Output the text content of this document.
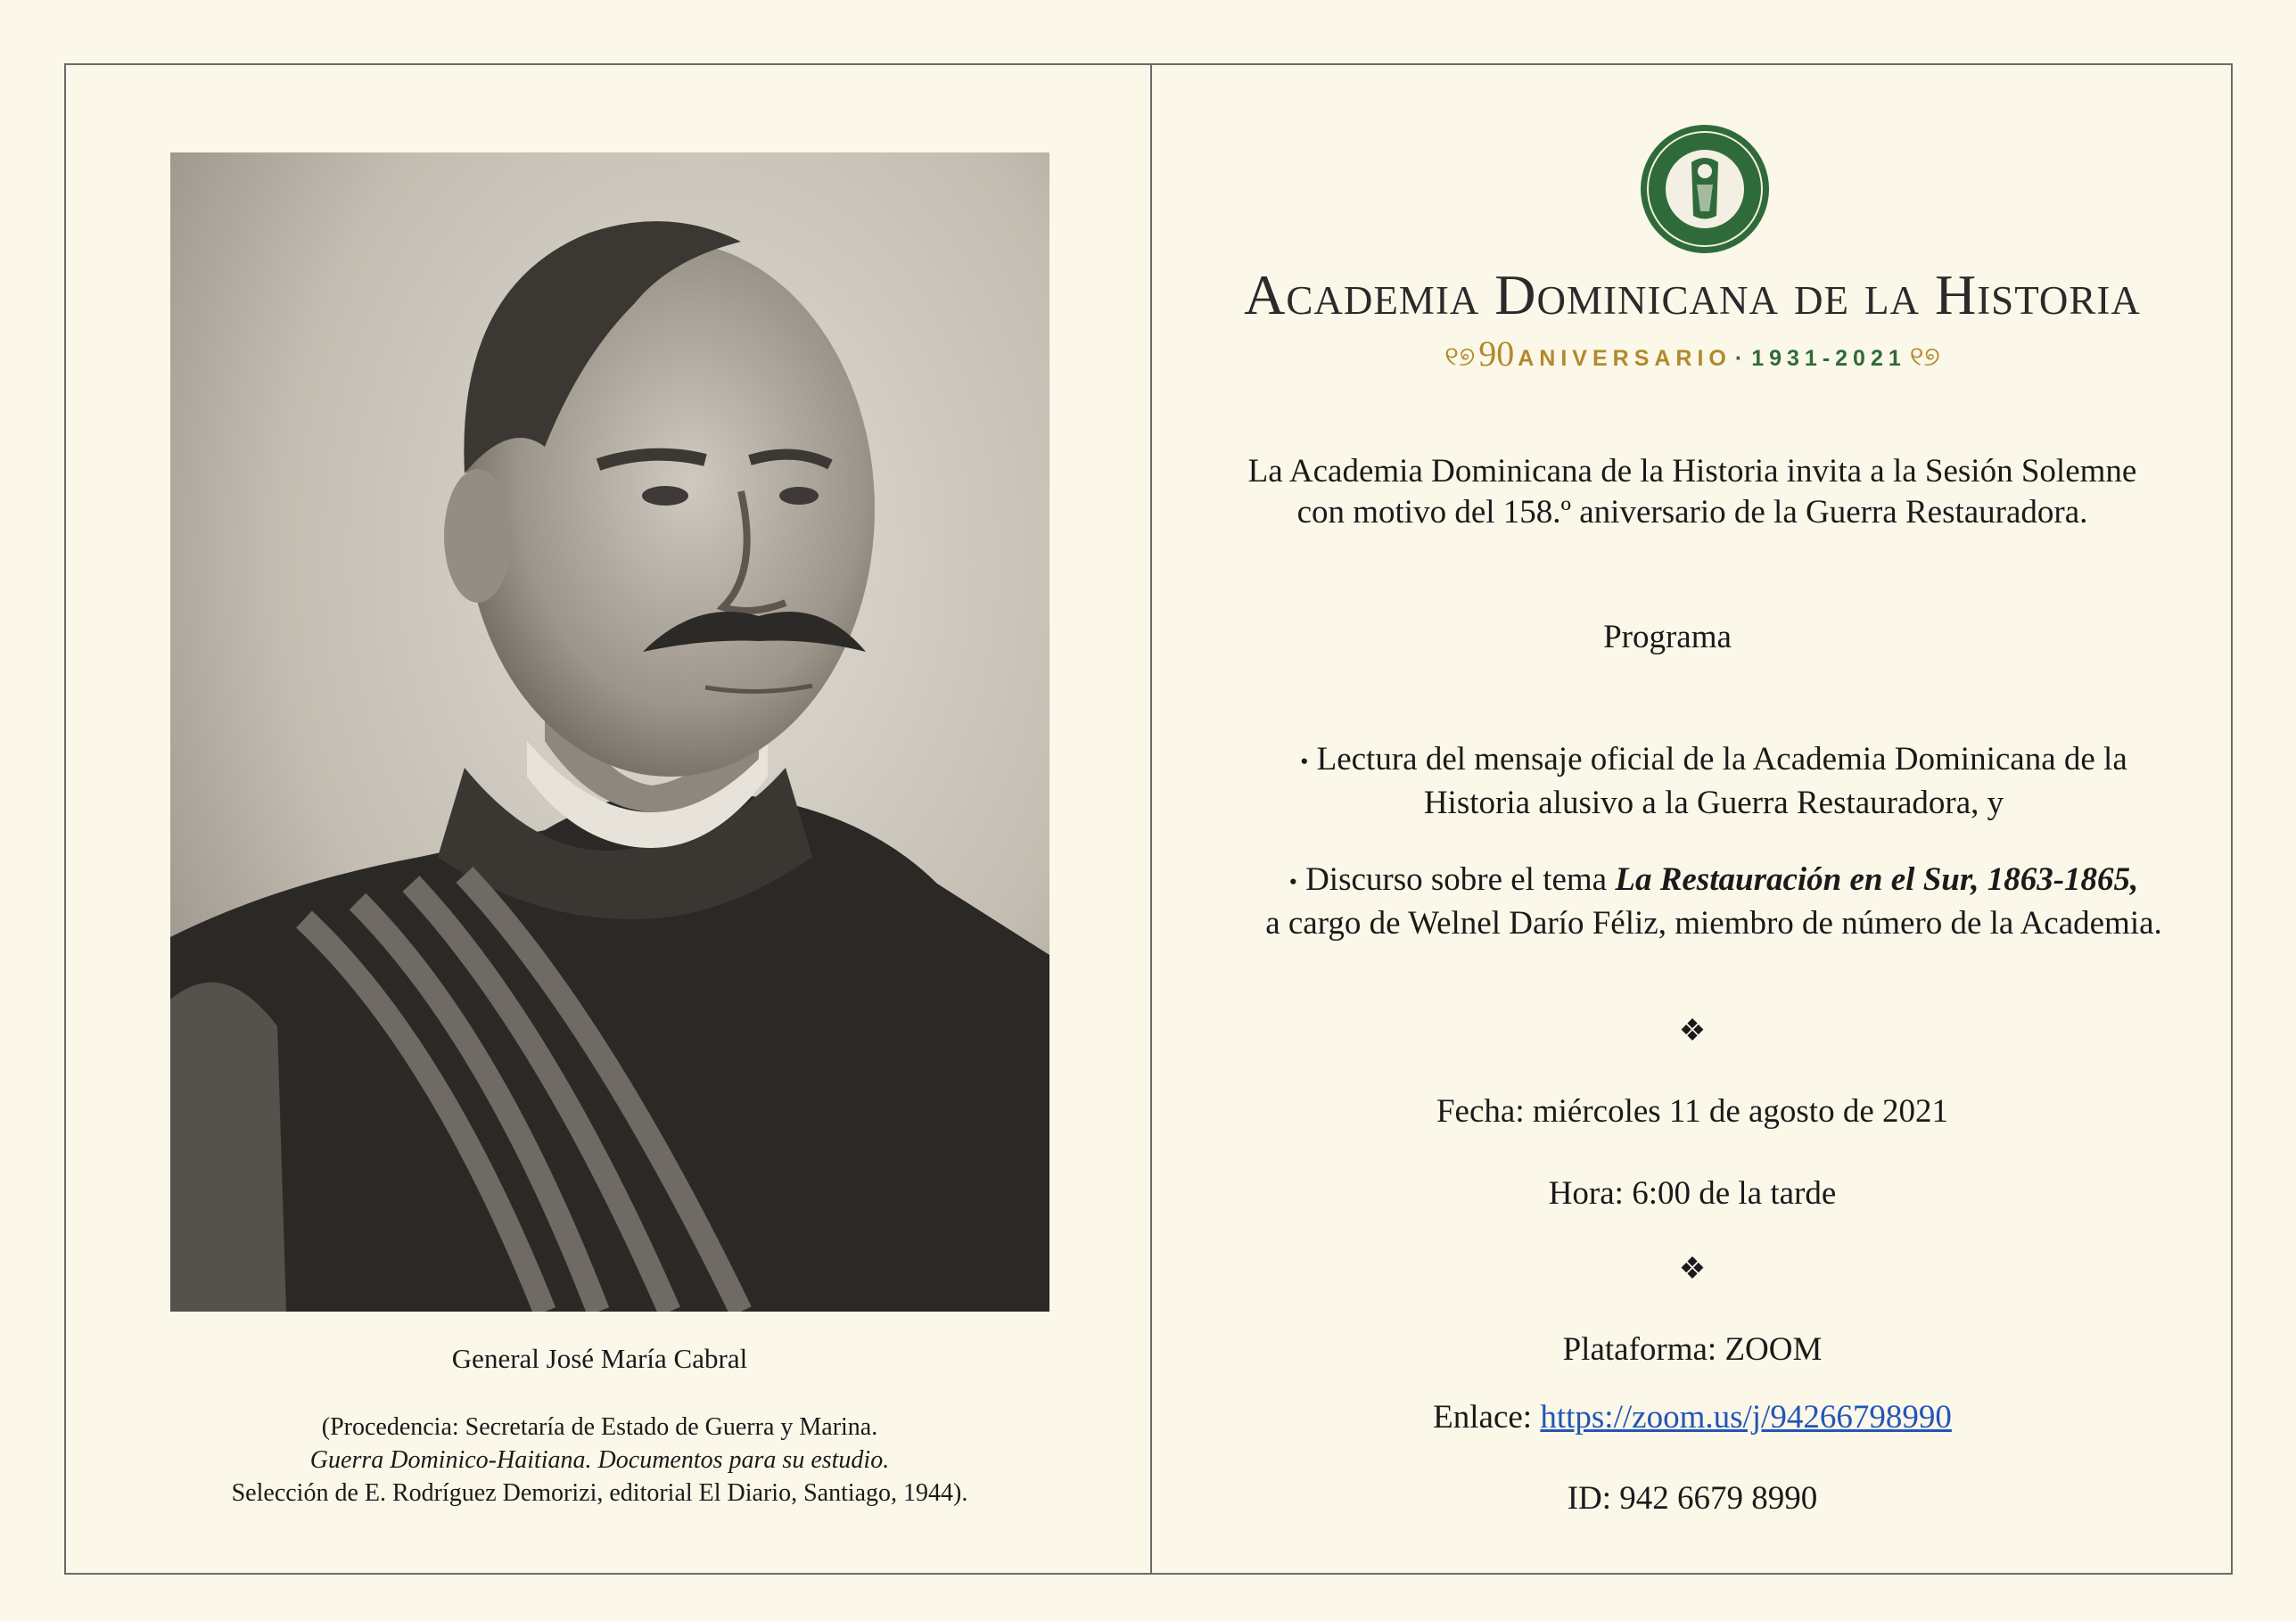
General José María Cabral
(Procedencia: Secretaría de Estado de Guerra y Marina.
Guerra Dominico-Haitiana. Documentos para su estudio.
Selección de E. Rodríguez Demorizi, editorial El Diario, Santiago, 1944).
Academia Dominicana de la Historia
୧୭ 90 ANIVERSARIO · 1931-2021 ୧୭
La Academia Dominicana de la Historia invita a la Sesión Solemne
con motivo del 158.º aniversario de la Guerra Restauradora.
Programa
• Lectura del mensaje oficial de la Academia Dominicana de la
Historia alusivo a la Guerra Restauradora, y
• Discurso sobre el tema La Restauración en el Sur, 1863-1865,
a cargo de Welnel Darío Féliz, miembro de número de la Academia.
❖
Fecha: miércoles 11 de agosto de 2021
Hora: 6:00 de la tarde
❖
Plataforma: ZOOM
Enlace: https://zoom.us/j/94266798990
ID: 942 6679 8990
